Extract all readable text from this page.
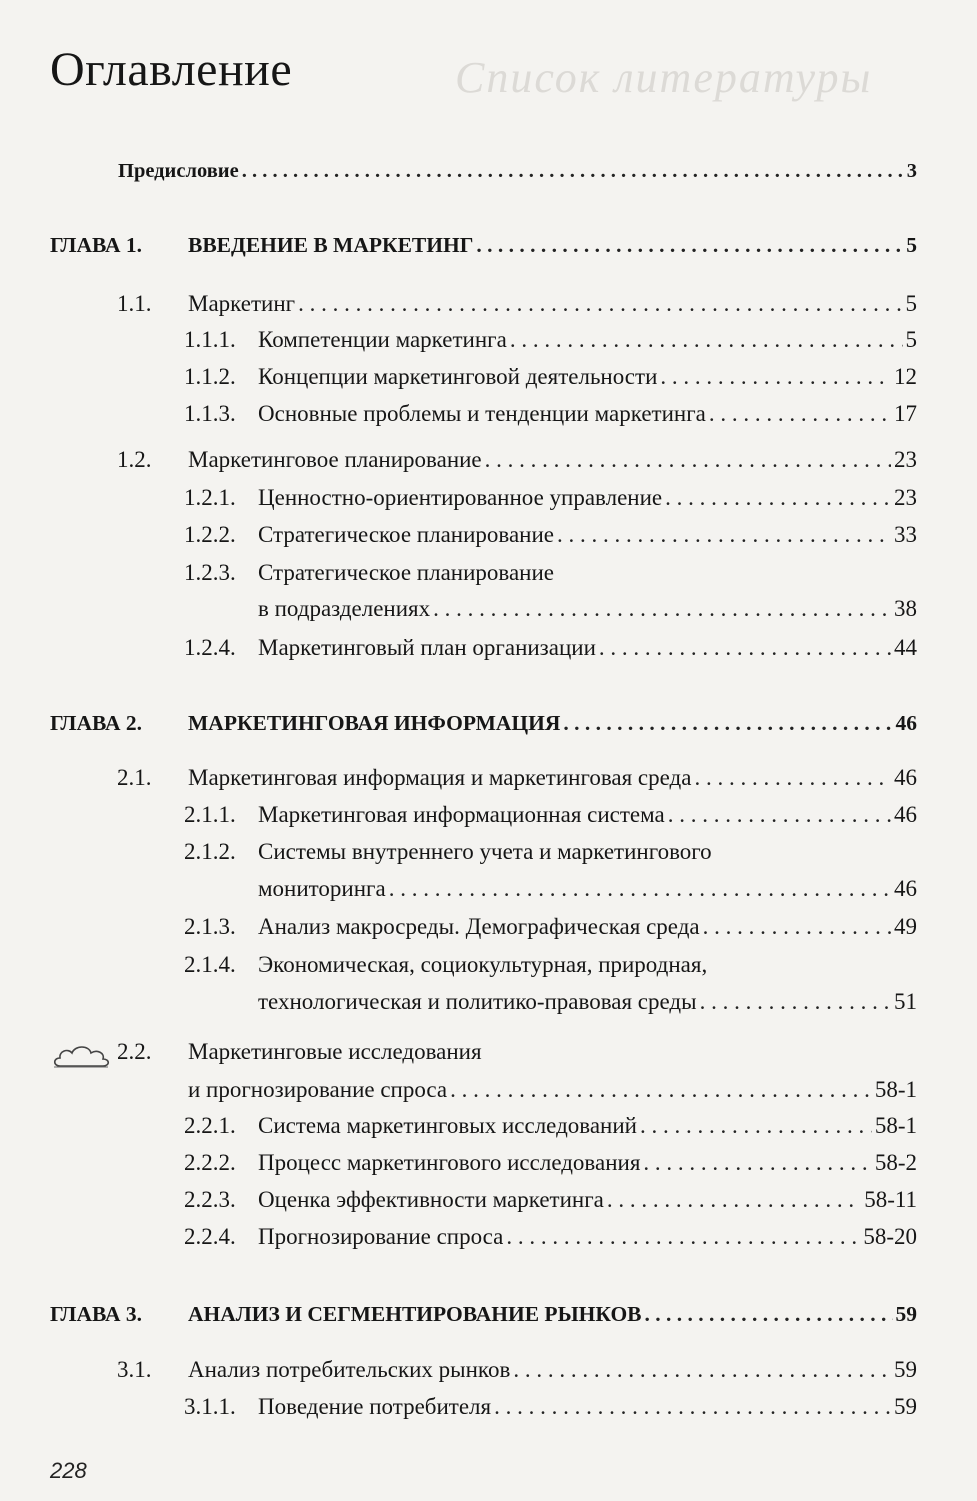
Список литературы
Оглавление
Предисловие . . .	3
ГЛАВА 1. ВВЕДЕНИЕ В МАРКЕТИНГ . . .	5
1.1. Маркетинг . . .	5
1.1.1. Компетенции маркетинга . . .	5
1.1.2. Концепции маркетинговой деятельности . . .	12
1.1.3. Основные проблемы и тенденции маркетинга . . .	17
1.2. Маркетинговое планирование . . .	23
1.2.1. Ценностно-ориентированное управление . . .	23
1.2.2. Стратегическое планирование . . .	33
1.2.3. Стратегическое планирование
в подразделениях . . .	38
1.2.4. Маркетинговый план организации . . .	44
ГЛАВА 2. МАРКЕТИНГОВАЯ ИНФОРМАЦИЯ . . .	46
2.1. Маркетинговая информация и маркетинговая среда . . .	46
2.1.1. Маркетинговая информационная система . . .	46
2.1.2. Системы внутреннего учета и маркетингового
мониторинга . . .	46
2.1.3. Анализ макросреды. Демографическая среда . . .	49
2.1.4. Экономическая, социокультурная, природная,
технологическая и политико-правовая среды . . .	51
2.2. Маркетинговые исследования
и прогнозирование спроса . . .	58-1
2.2.1. Система маркетинговых исследований . . .	58-1
2.2.2. Процесс маркетингового исследования . . .	58-2
2.2.3. Оценка эффективности маркетинга . . .	58-11
2.2.4. Прогнозирование спроса . . .	58-20
ГЛАВА 3. АНАЛИЗ И СЕГМЕНТИРОВАНИЕ РЫНКОВ . . .	59
3.1. Анализ потребительских рынков . . .	59
3.1.1. Поведение потребителя . . .	59
228
